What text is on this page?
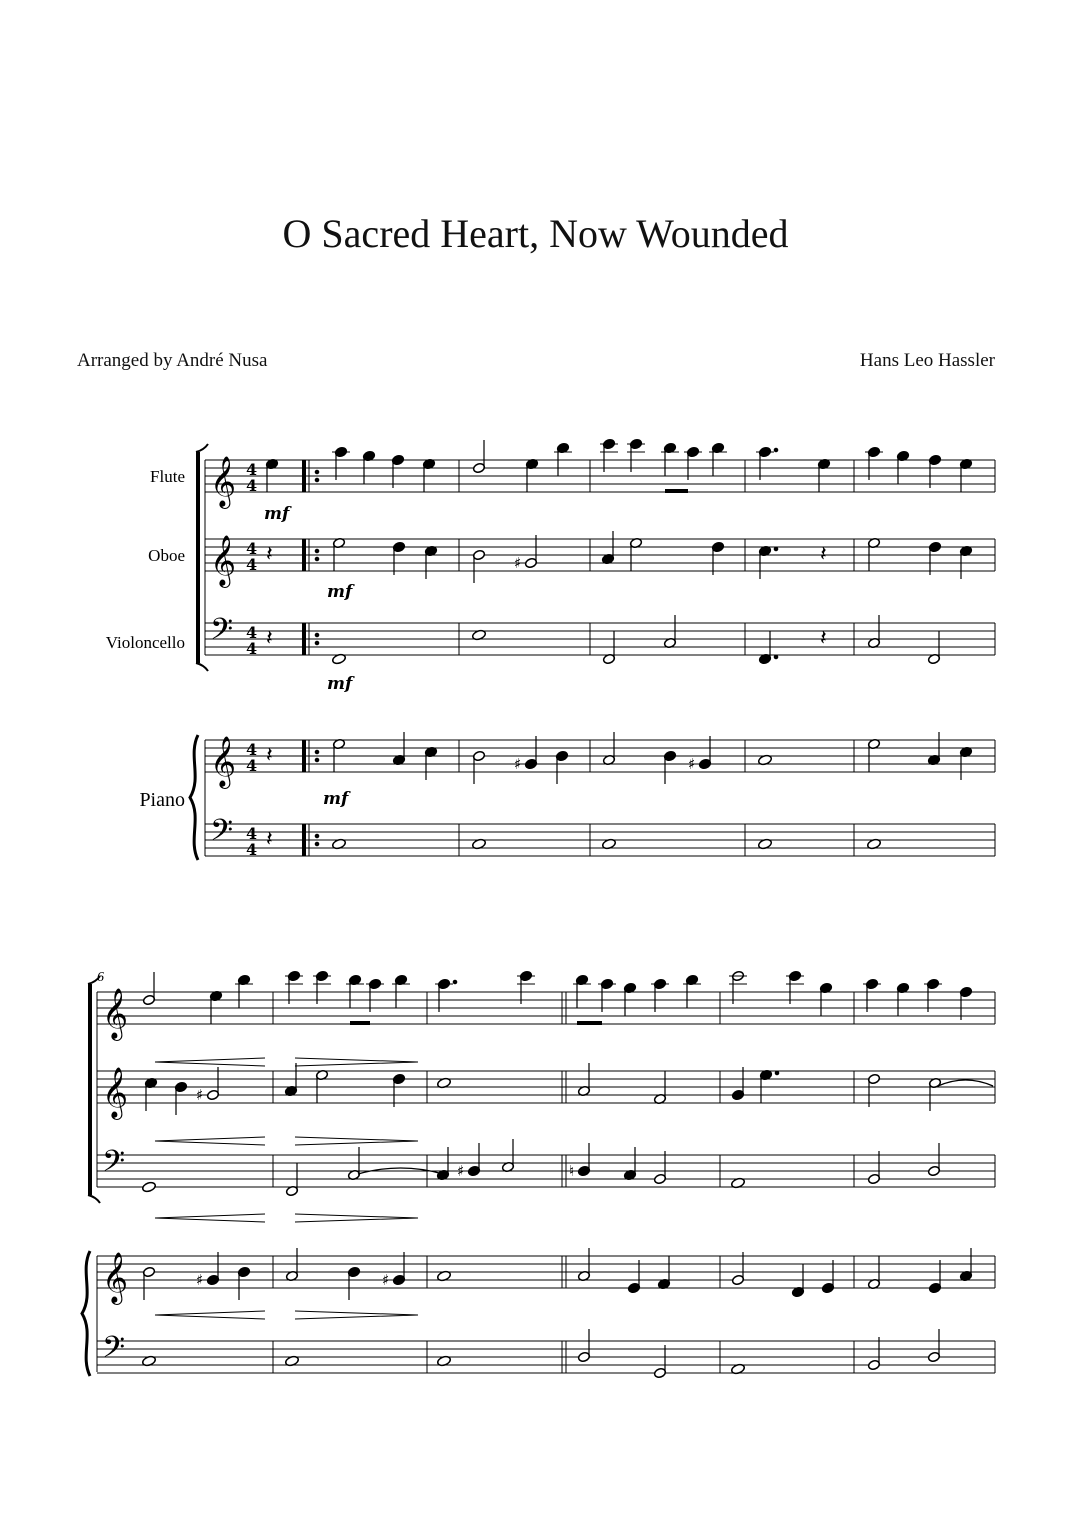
O Sacred Heart, Now Wounded
Arranged by André Nusa	Hans Leo Hassler
Flute
Oboe
Violoncello
Piano
mf
mf
mf
mf
6
𝄞 4
4
𝄞 4
4
𝄢 4
4
𝄞 4
4
𝄢 4
4
𝄞
𝄞
𝄢
𝄞
𝄢
𝄽	♯	𝄽
𝄽	𝄽
𝄽	♯	♯
𝄽
♯
♯	♮
♯	♯
